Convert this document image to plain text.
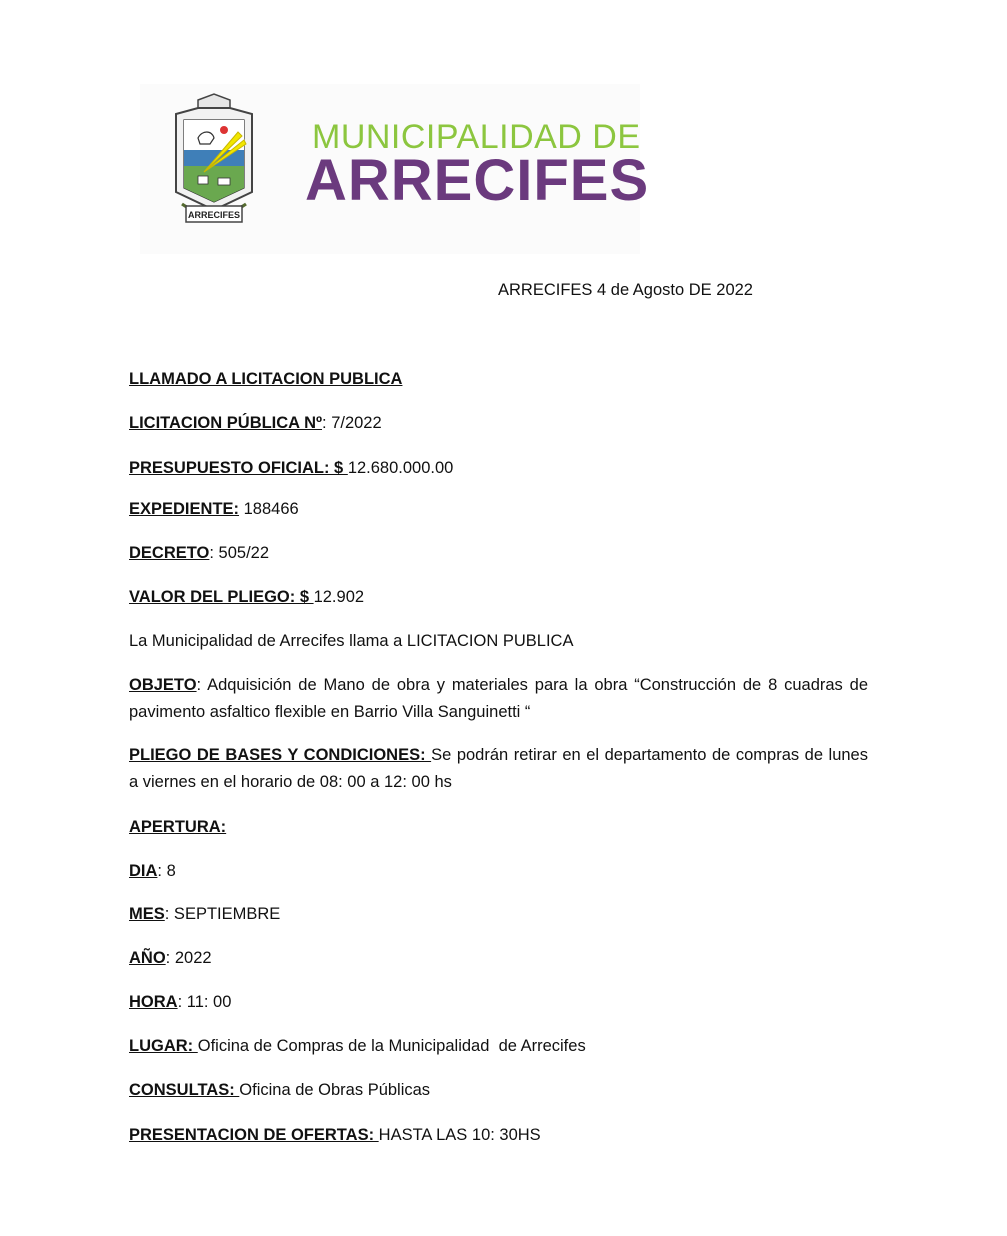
ARRECIFES
MUNICIPALIDAD DE
ARRECIFES
ARRECIFES 4 de Agosto DE 2022
LLAMADO A LICITACION PUBLICA
LICITACION PÚBLICA Nº: 7/2022
PRESUPUESTO OFICIAL: $ 12.680.000.00
EXPEDIENTE: 188466
DECRETO: 505/22
VALOR DEL PLIEGO: $ 12.902
La Municipalidad de Arrecifes llama a LICITACION PUBLICA
OBJETO: Adquisición de Mano de obra y materiales para la obra “Construcción de 8 cuadras de pavimento asfaltico flexible en Barrio Villa Sanguinetti “
PLIEGO DE BASES Y CONDICIONES: Se podrán retirar en el departamento de compras de lunes a viernes en el horario de 08: 00 a 12: 00 hs
APERTURA:
DIA: 8
MES: SEPTIEMBRE
AÑO: 2022
HORA: 11: 00
LUGAR: Oficina de Compras de la Municipalidad  de Arrecifes
CONSULTAS: Oficina de Obras Públicas
PRESENTACION DE OFERTAS: HASTA LAS 10: 30HS
